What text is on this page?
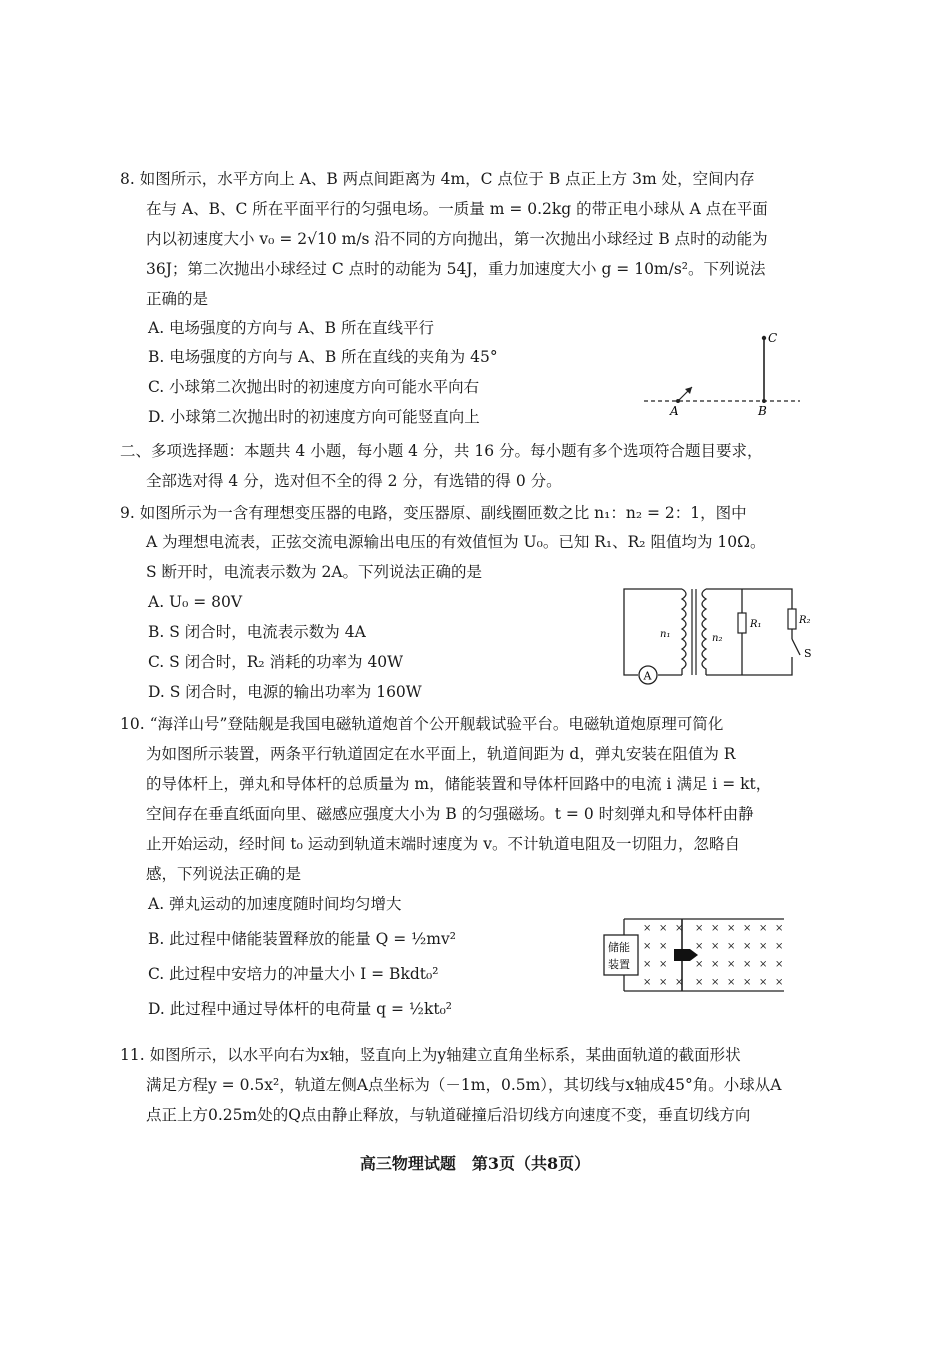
8. 如图所示，水平方向上 A、B 两点间距离为 4m，C 点位于 B 点正上方 3m 处，空间内存
在与 A、B、C 所在平面平行的匀强电场。一质量 m = 0.2kg 的带正电小球从 A 点在平面
内以初速度大小 v₀ = 2√10 m/s 沿不同的方向抛出，第一次抛出小球经过 B 点时的动能为
36J；第二次抛出小球经过 C 点时的动能为 54J，重力加速度大小 g = 10m/s²。下列说法
正确的是
A. 电场强度的方向与 A、B 所在直线平行
B. 电场强度的方向与 A、B 所在直线的夹角为 45°
C. 小球第二次抛出时的初速度方向可能水平向右
D. 小球第二次抛出时的初速度方向可能竖直向上	A	B
C
二、多项选择题：本题共 4 小题，每小题 4 分，共 16 分。每小题有多个选项符合题目要求，
全部选对得 4 分，选对但不全的得 2 分，有选错的得 0 分。
9. 如图所示为一含有理想变压器的电路，变压器原、副线圈匝数之比 n₁：n₂ = 2：1，图中
A 为理想电流表，正弦交流电源输出电压的有效值恒为 U₀。已知 R₁、R₂ 阻值均为 10Ω。
S 断开时，电流表示数为 2A。下列说法正确的是
A. U₀ = 80V
B. S 闭合时，电流表示数为 4A
C. S 闭合时，R₂ 消耗的功率为 40W
D. S 闭合时，电源的输出功率为 160W
A
n₁	n₂
R₁	R₂
S
10. “海洋山号”登陆舰是我国电磁轨道炮首个公开舰载试验平台。电磁轨道炮原理可简化
为如图所示装置，两条平行轨道固定在水平面上，轨道间距为 d，弹丸安装在阻值为 R
的导体杆上，弹丸和导体杆的总质量为 m，储能装置和导体杆回路中的电流 i 满足 i = kt，
空间存在垂直纸面向里、磁感应强度大小为 B 的匀强磁场。t = 0 时刻弹丸和导体杆由静
止开始运动，经时间 t₀ 运动到轨道末端时速度为 v。不计轨道电阻及一切阻力，忽略自
感，下列说法正确的是
A. 弹丸运动的加速度随时间均匀增大
B. 此过程中储能装置释放的能量 Q = ½mv²
C. 此过程中安培力的冲量大小 I = Bkdt₀²
D. 此过程中通过导体杆的电荷量 q = ½kt₀²
储能
装置
× × × × × × × × ×
× ×	× × × × × ×
× ×	× × × × × ×
× × × × × × × × ×
11. 如图所示，以水平向右为x轴，竖直向上为y轴建立直角坐标系，某曲面轨道的截面形状
满足方程y = 0.5x²，轨道左侧A点坐标为（－1m，0.5m），其切线与x轴成45°角。小球从A
点正上方0.25m处的Q点由静止释放，与轨道碰撞后沿切线方向速度不变，垂直切线方向
高三物理试题　第3页（共8页）
